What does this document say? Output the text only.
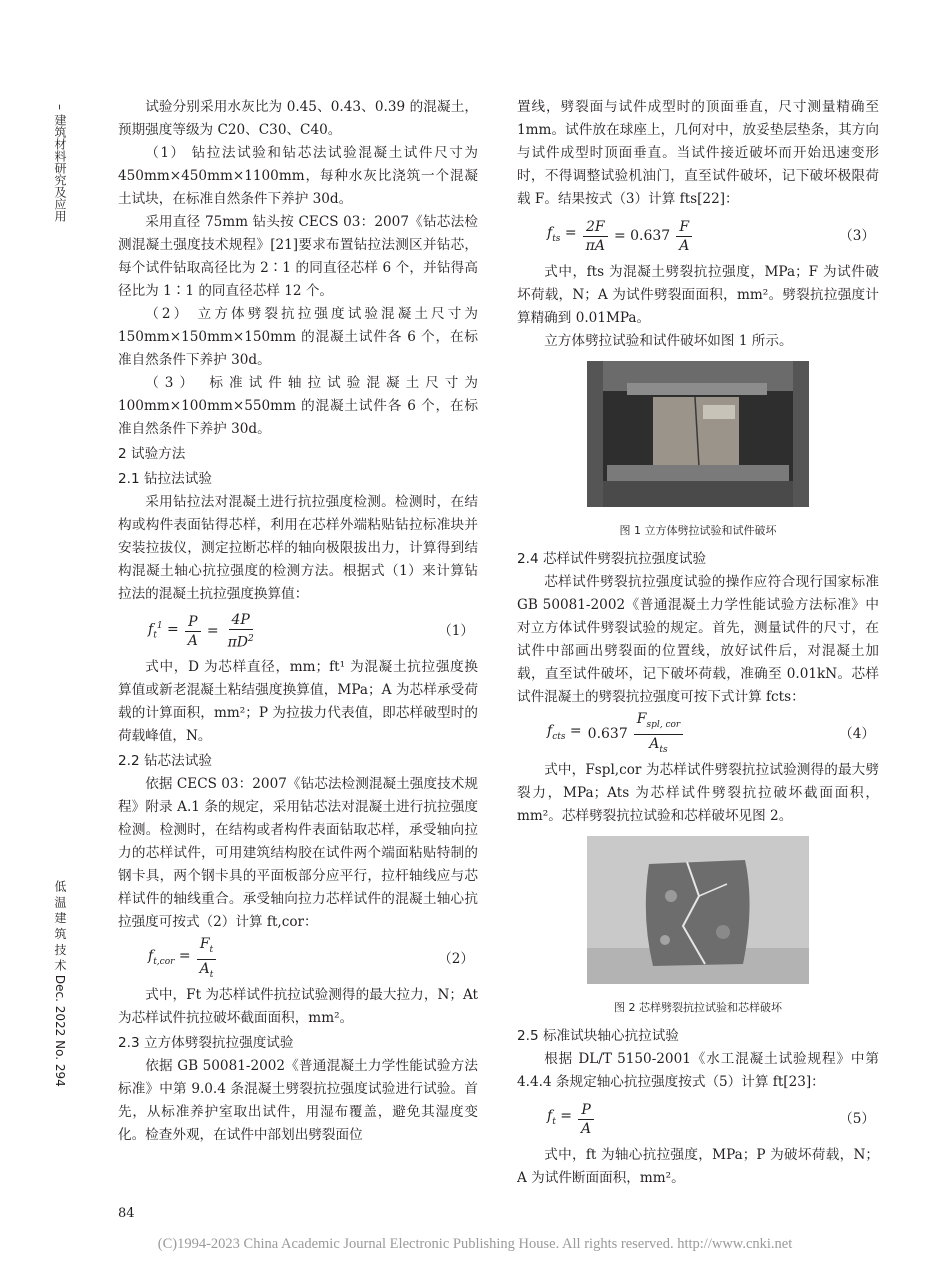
– 建筑材料研究及应用
低 温 建 筑 技 术 Dec. 2022 No. 294

试验分别采用水灰比为 0.45、0.43、0.39 的混凝土，预期强度等级为 C20、C30、C40。

（1） 钻拉法试验和钻芯法试验混凝土试件尺寸为 450mm×450mm×1100mm，每种水灰比浇筑一个混凝土试块，在标准自然条件下养护 30d。

采用直径 75mm 钻头按 CECS 03：2007《钻芯法检测混凝土强度技术规程》[21]要求布置钻拉法测区并钻芯，每个试件钻取高径比为 2∶1 的同直径芯样 6 个，并钻得高径比为 1∶1 的同直径芯样 12 个。

（2） 立方体劈裂抗拉强度试验混凝土尺寸为 150mm×150mm×150mm 的混凝土试件各 6 个，在标准自然条件下养护 30d。

（3） 标准试件轴拉试验混凝土尺寸为 100mm×100mm×550mm 的混凝土试件各 6 个，在标准自然条件下养护 30d。

2 试验方法
2.1 钻拉法试验

采用钻拉法对混凝土进行抗拉强度检测。检测时，在结构或构件表面钻得芯样，利用在芯样外端粘贴钻拉标准块并安装拉拔仪，测定拉断芯样的轴向极限拔出力，计算得到结构混凝土轴心抗拉强度的检测方法。根据式（1）来计算钻拉法的混凝土抗拉强度换算值：

$f_t^1 = \frac{P}{A} = \frac{4P}{\pi D^2}$	（1）

式中，D 为芯样直径，mm；ft¹ 为混凝土抗拉强度换算值或新老混凝土粘结强度换算值，MPa；A 为芯样承受荷载的计算面积，mm²；P 为拉拔力代表值，即芯样破型时的荷载峰值，N。

2.2 钻芯法试验

依据 CECS 03：2007《钻芯法检测混凝土强度技术规程》附录 A.1 条的规定，采用钻芯法对混凝土进行抗拉强度检测。检测时，在结构或者构件表面钻取芯样，承受轴向拉力的芯样试件，可用建筑结构胶在试件两个端面粘贴特制的钢卡具，两个钢卡具的平面板部分应平行，拉杆轴线应与芯样试件的轴线重合。承受轴向拉力芯样试件的混凝土轴心抗拉强度可按式（2）计算 ft,cor：

$f_{t,cor} = \frac{F_t}{A_t}$	（2）

式中，Ft 为芯样试件抗拉试验测得的最大拉力，N；At 为芯样试件抗拉破坏截面面积，mm²。

2.3 立方体劈裂抗拉强度试验

依据 GB 50081-2002《普通混凝土力学性能试验方法标准》中第 9.0.4 条混凝土劈裂抗拉强度试验进行试验。首先，从标准养护室取出试件，用湿布覆盖，避免其湿度变化。检查外观，在试件中部划出劈裂面位

置线，劈裂面与试件成型时的顶面垂直，尺寸测量精确至 1mm。试件放在球座上，几何对中，放妥垫层垫条，其方向与试件成型时顶面垂直。当试件接近破坏而开始迅速变形时，不得调整试验机油门，直至试件破坏，记下破坏极限荷载 F。结果按式（3）计算 fts[22]：

$f_{ts} = \frac{2F}{\pi A} = 0.637 \frac{F}{A}$	（3）

式中，fts 为混凝土劈裂抗拉强度，MPa；F 为试件破坏荷载，N；A 为试件劈裂面面积，mm²。劈裂抗拉强度计算精确到 0.01MPa。

立方体劈拉试验和试件破坏如图 1 所示。

图 1 立方体劈拉试验和试件破坏
2.4 芯样试件劈裂抗拉强度试验

芯样试件劈裂抗拉强度试验的操作应符合现行国家标准 GB 50081-2002《普通混凝土力学性能试验方法标准》中对立方体试件劈裂试验的规定。首先，测量试件的尺寸，在试件中部画出劈裂面的位置线，放好试件后，对混凝土加载，直至试件破坏，记下破坏荷载，准确至 0.01kN。芯样试件混凝土的劈裂抗拉强度可按下式计算 fcts：

$f_{cts} = 0.637 \frac{F_{spl, cor}}{A_{ts}}$	（4）

式中，Fspl,cor 为芯样试件劈裂抗拉试验测得的最大劈裂力，MPa；Ats 为芯样试件劈裂抗拉破坏截面面积，mm²。芯样劈裂抗拉试验和芯样破坏见图 2。

图 2 芯样劈裂抗拉试验和芯样破坏
2.5 标准试块轴心抗拉试验

根据 DL/T 5150-2001《水工混凝土试验规程》中第 4.4.4 条规定轴心抗拉强度按式（5）计算 ft[23]：

$f_t = \frac{P}{A}$	（5）

式中，ft 为轴心抗拉强度，MPa；P 为破坏荷载，N；A 为试件断面面积，mm²。

84
(C)1994-2023 China Academic Journal Electronic Publishing House. All rights reserved. http://www.cnki.net
